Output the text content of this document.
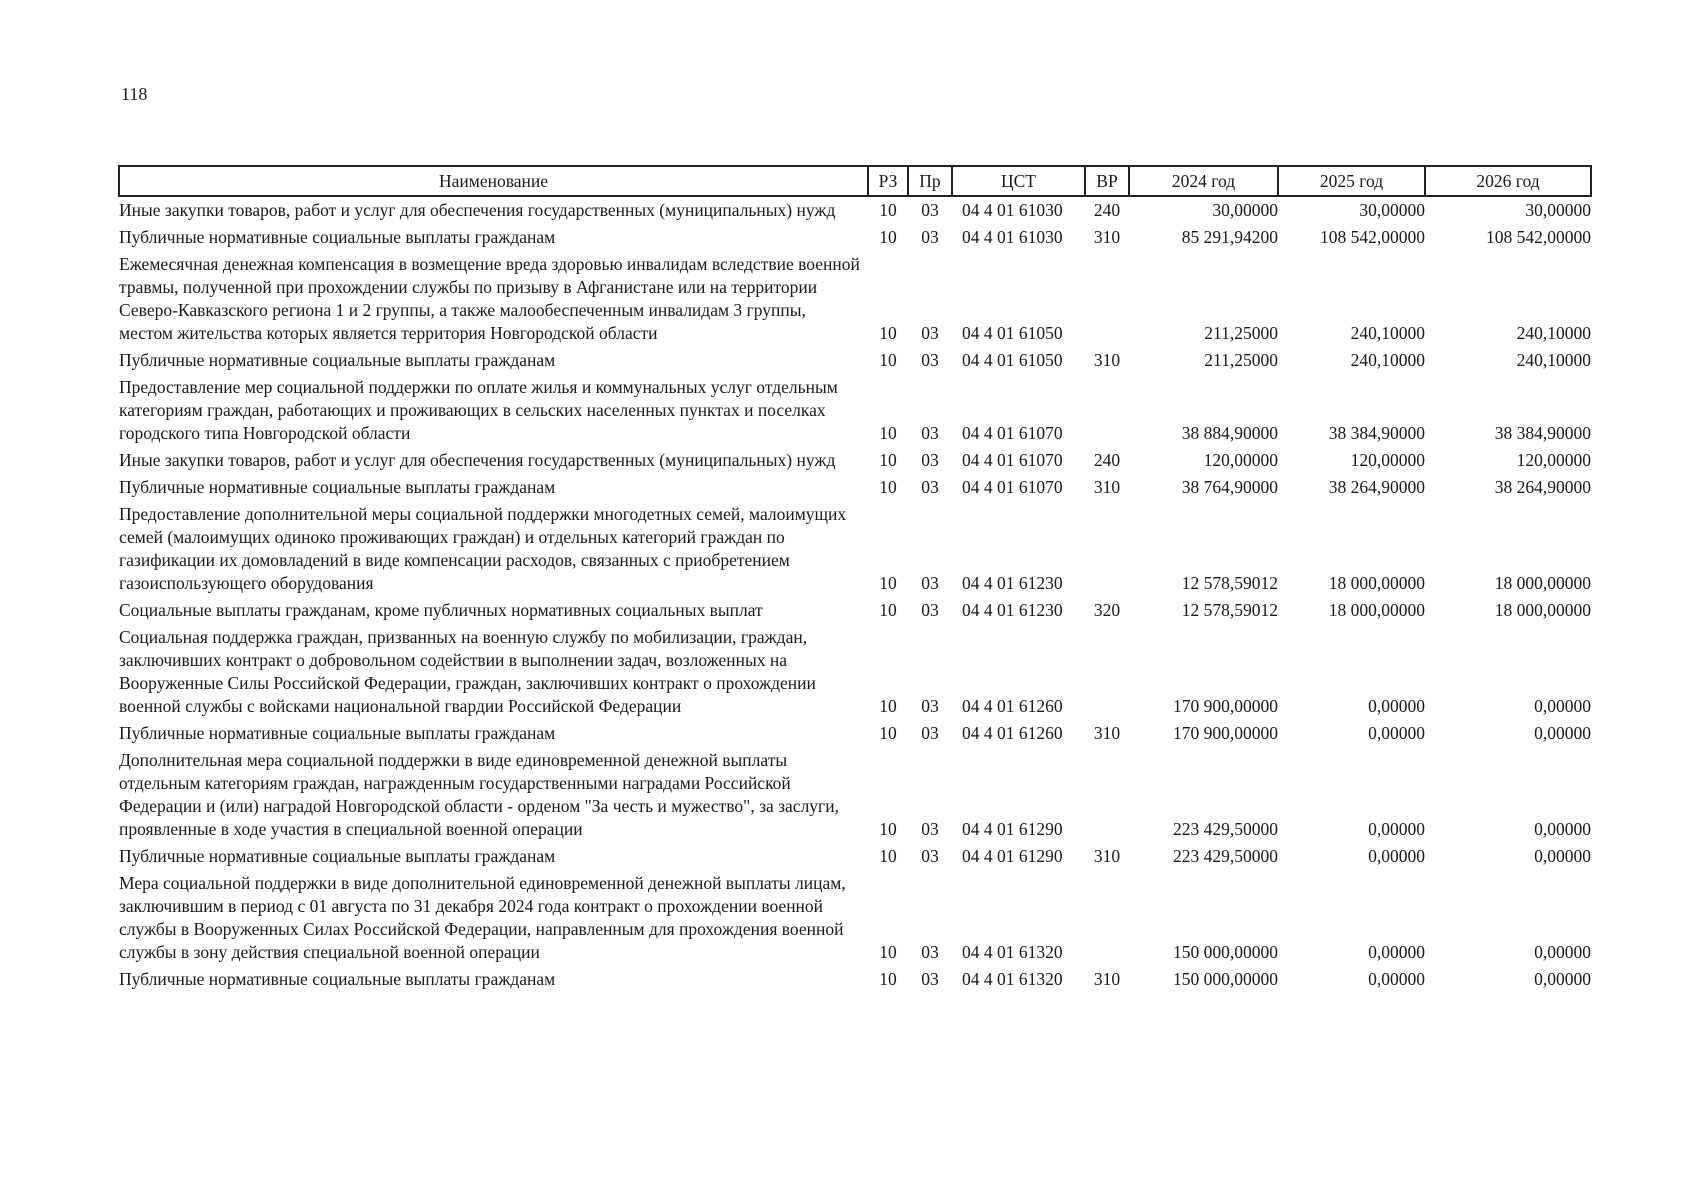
118
Наименование	РЗ	Пр	ЦСТ	ВР	2024 год	2025 год	2026 год
Иные закупки товаров, работ и услуг для обеспечения государственных (муниципальных) нужд	10	03	04 4 01 61030	240	30,00000	30,00000	30,00000
Публичные нормативные социальные выплаты гражданам	10	03	04 4 01 61030	310	85 291,94200	108 542,00000	108 542,00000
Ежемесячная денежная компенсация в возмещение вреда здоровью инвалидам вследствие военной травмы, полученной при прохождении службы по призыву в Афганистане или на территории Северо-Кавказского региона 1 и 2 группы, а также малообеспеченным инвалидам 3 группы, местом жительства которых является территория Новгородской области	10	03	04 4 01 61050		211,25000	240,10000	240,10000
Публичные нормативные социальные выплаты гражданам	10	03	04 4 01 61050	310	211,25000	240,10000	240,10000
Предоставление мер социальной поддержки по оплате жилья и коммунальных услуг отдельным категориям граждан, работающих и проживающих в сельских населенных пунктах и поселках городского типа Новгородской области	10	03	04 4 01 61070		38 884,90000	38 384,90000	38 384,90000
Иные закупки товаров, работ и услуг для обеспечения государственных (муниципальных) нужд	10	03	04 4 01 61070	240	120,00000	120,00000	120,00000
Публичные нормативные социальные выплаты гражданам	10	03	04 4 01 61070	310	38 764,90000	38 264,90000	38 264,90000
Предоставление дополнительной меры социальной поддержки многодетных семей, малоимущих семей (малоимущих одиноко проживающих граждан) и отдельных категорий граждан по газификации их домовладений в виде компенсации расходов, связанных с приобретением газоиспользующего оборудования	10	03	04 4 01 61230		12 578,59012	18 000,00000	18 000,00000
Социальные выплаты гражданам, кроме публичных нормативных социальных выплат	10	03	04 4 01 61230	320	12 578,59012	18 000,00000	18 000,00000
Социальная поддержка граждан, призванных на военную службу по мобилизации, граждан, заключивших контракт о добровольном содействии в выполнении задач, возложенных на Вооруженные Силы Российской Федерации, граждан, заключивших контракт о прохождении военной службы с войсками национальной гвардии Российской Федерации	10	03	04 4 01 61260		170 900,00000	0,00000	0,00000
Публичные нормативные социальные выплаты гражданам	10	03	04 4 01 61260	310	170 900,00000	0,00000	0,00000
Дополнительная мера социальной поддержки в виде единовременной денежной выплаты отдельным категориям граждан, награжденным государственными наградами Российской Федерации и (или) наградой Новгородской области - орденом "За честь и мужество", за заслуги, проявленные в ходе участия в специальной военной операции	10	03	04 4 01 61290		223 429,50000	0,00000	0,00000
Публичные нормативные социальные выплаты гражданам	10	03	04 4 01 61290	310	223 429,50000	0,00000	0,00000
Мера социальной поддержки в виде дополнительной единовременной денежной выплаты лицам, заключившим в период с 01 августа по 31 декабря 2024 года контракт о прохождении военной службы в Вооруженных Силах Российской Федерации, направленным для прохождения военной службы в зону действия специальной военной операции	10	03	04 4 01 61320		150 000,00000	0,00000	0,00000
Публичные нормативные социальные выплаты гражданам	10	03	04 4 01 61320	310	150 000,00000	0,00000	0,00000
